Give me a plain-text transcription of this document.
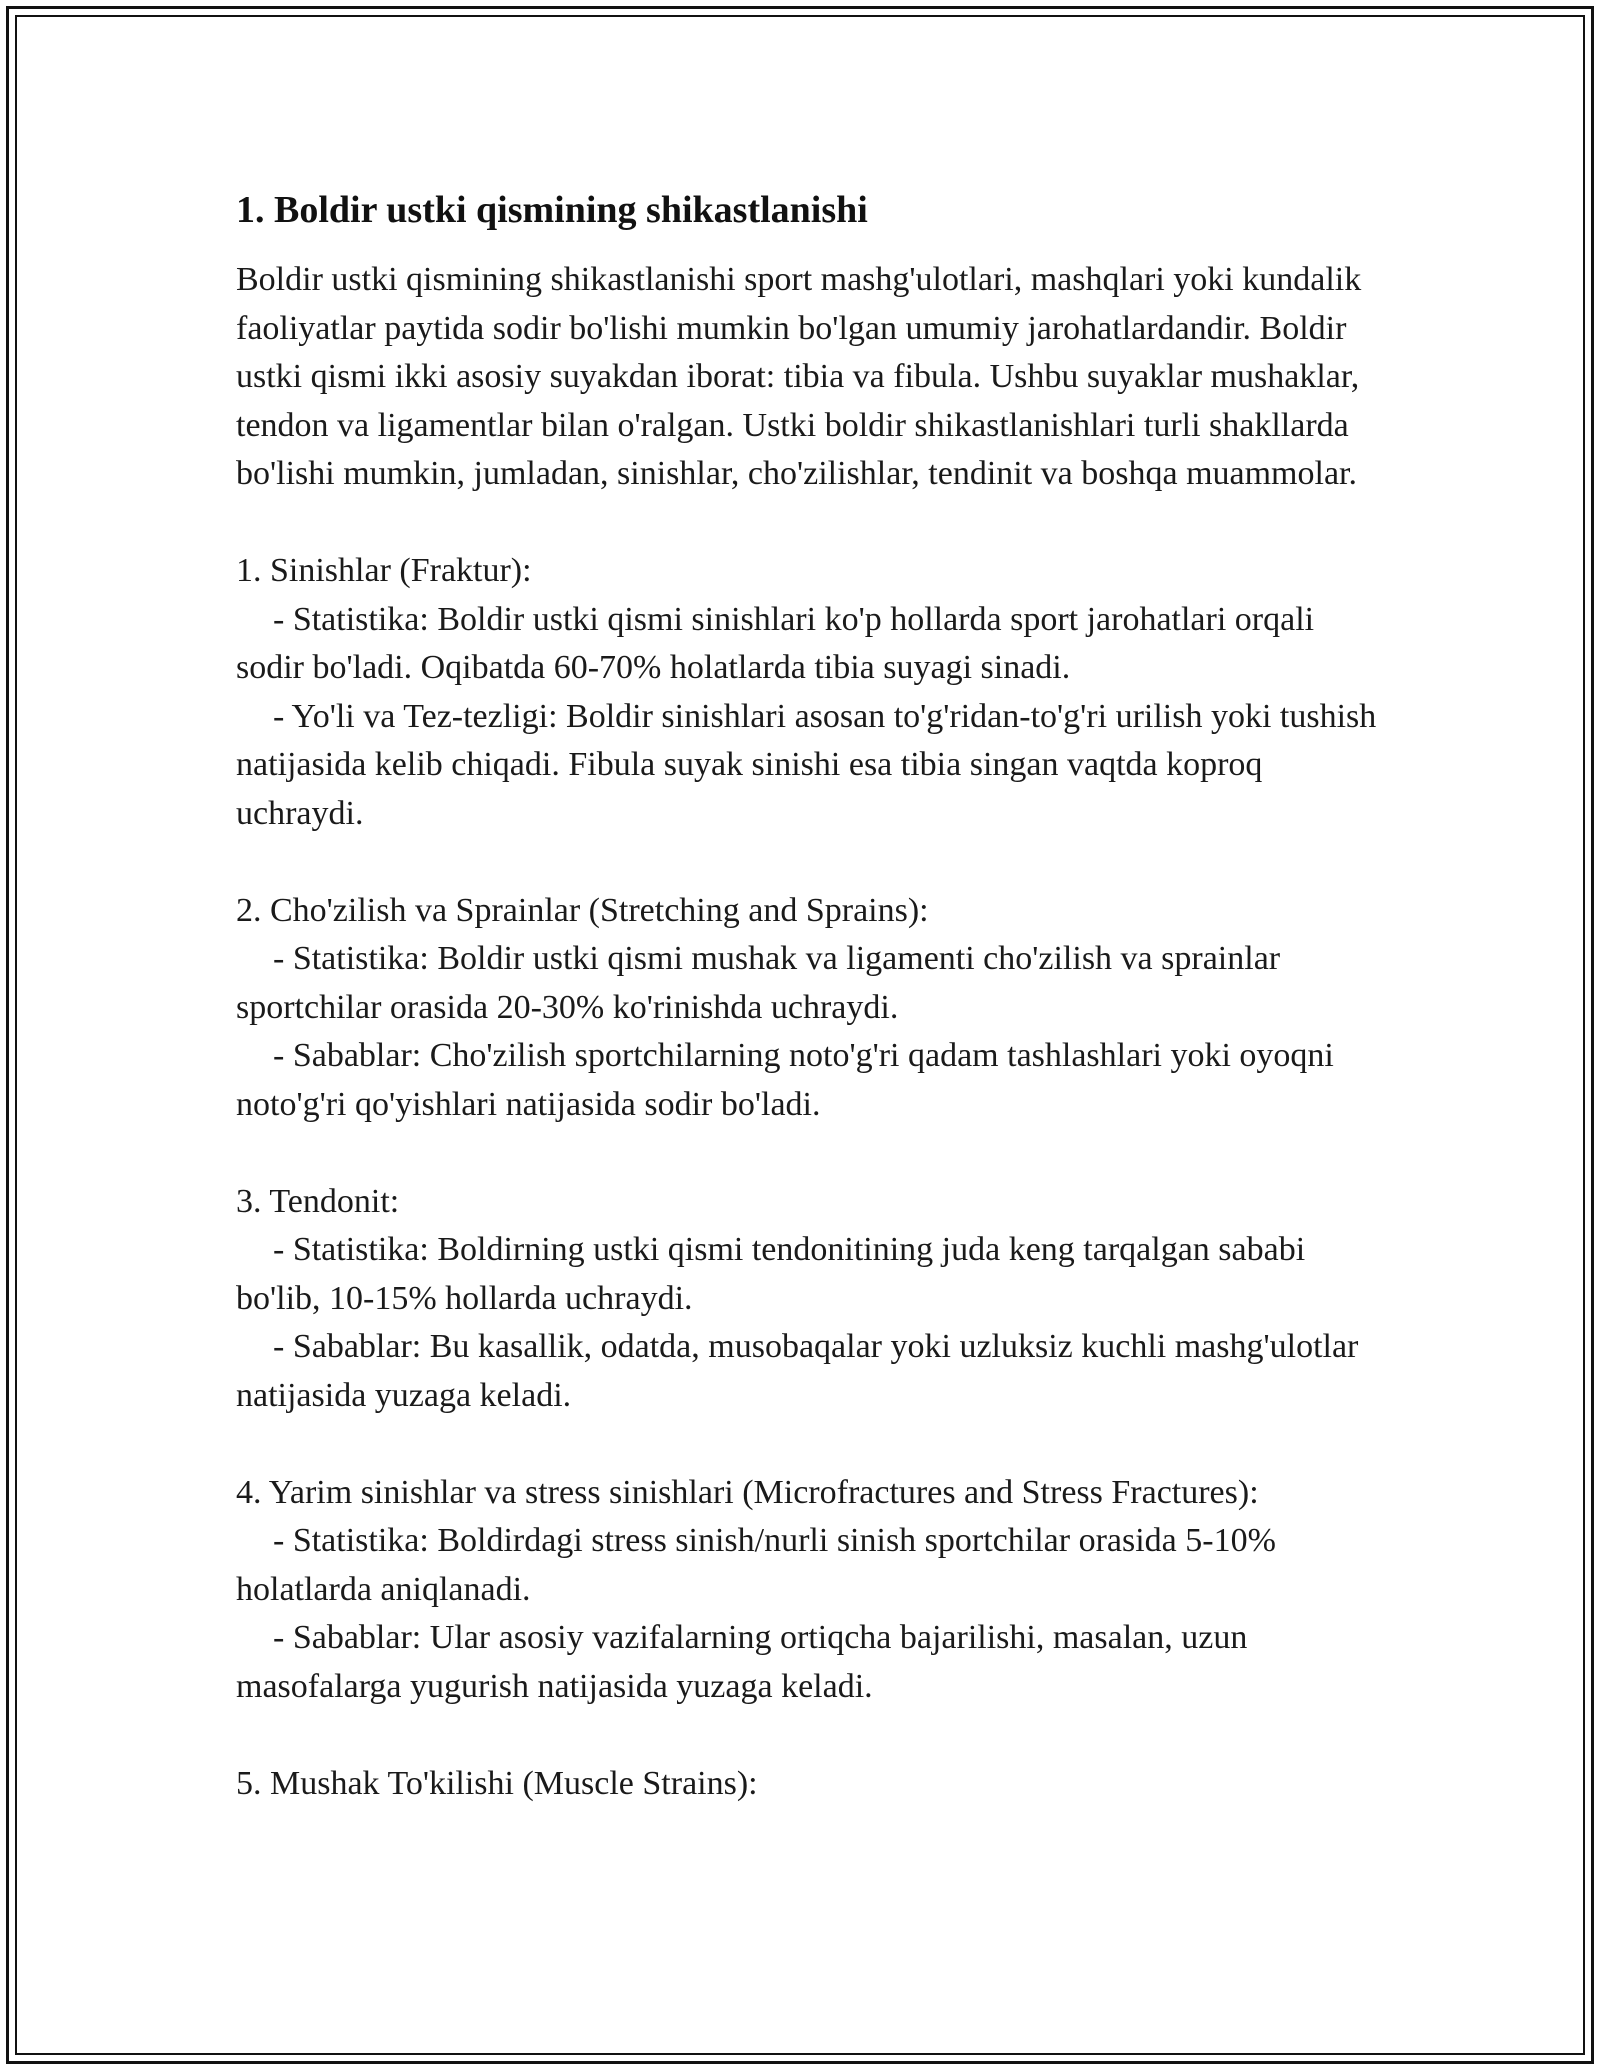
1. Boldir ustki qismining shikastlanishi

Boldir ustki qismining shikastlanishi sport mashg'ulotlari, mashqlari yoki kundalik faoliyatlar paytida sodir bo'lishi mumkin bo'lgan umumiy jarohatlardandir. Boldir ustki qismi ikki asosiy suyakdan iborat: tibia va fibula. Ushbu suyaklar mushaklar, tendon va ligamentlar bilan o'ralgan. Ustki boldir shikastlanishlari turli shakllarda bo'lishi mumkin, jumladan, sinishlar, cho'zilishlar, tendinit va boshqa muammolar.

1. Sinishlar (Fraktur):

- Statistika: Boldir ustki qismi sinishlari ko'p hollarda sport jarohatlari orqali sodir bo'ladi. Oqibatda 60-70% holatlarda tibia suyagi sinadi.

- Yo'li va Tez-tezligi: Boldir sinishlari asosan to'g'ridan-to'g'ri urilish yoki tushish natijasida kelib chiqadi. Fibula suyak sinishi esa tibia singan vaqtda koproq uchraydi.

2. Cho'zilish va Sprainlar (Stretching and Sprains):

- Statistika: Boldir ustki qismi mushak va ligamenti cho'zilish va sprainlar sportchilar orasida 20-30% ko'rinishda uchraydi.

- Sabablar: Cho'zilish sportchilarning noto'g'ri qadam tashlashlari yoki oyoqni noto'g'ri qo'yishlari natijasida sodir bo'ladi.

3. Tendonit:

- Statistika: Boldirning ustki qismi tendonitining juda keng tarqalgan sababi bo'lib, 10-15% hollarda uchraydi.

- Sabablar: Bu kasallik, odatda, musobaqalar yoki uzluksiz kuchli mashg'ulotlar natijasida yuzaga keladi.

4. Yarim sinishlar va stress sinishlari (Microfractures and Stress Fractures):

- Statistika: Boldirdagi stress sinish/nurli sinish sportchilar orasida 5-10% holatlarda aniqlanadi.

- Sabablar: Ular asosiy vazifalarning ortiqcha bajarilishi, masalan, uzun masofalarga yugurish natijasida yuzaga keladi.

5. Mushak To'kilishi (Muscle Strains):
